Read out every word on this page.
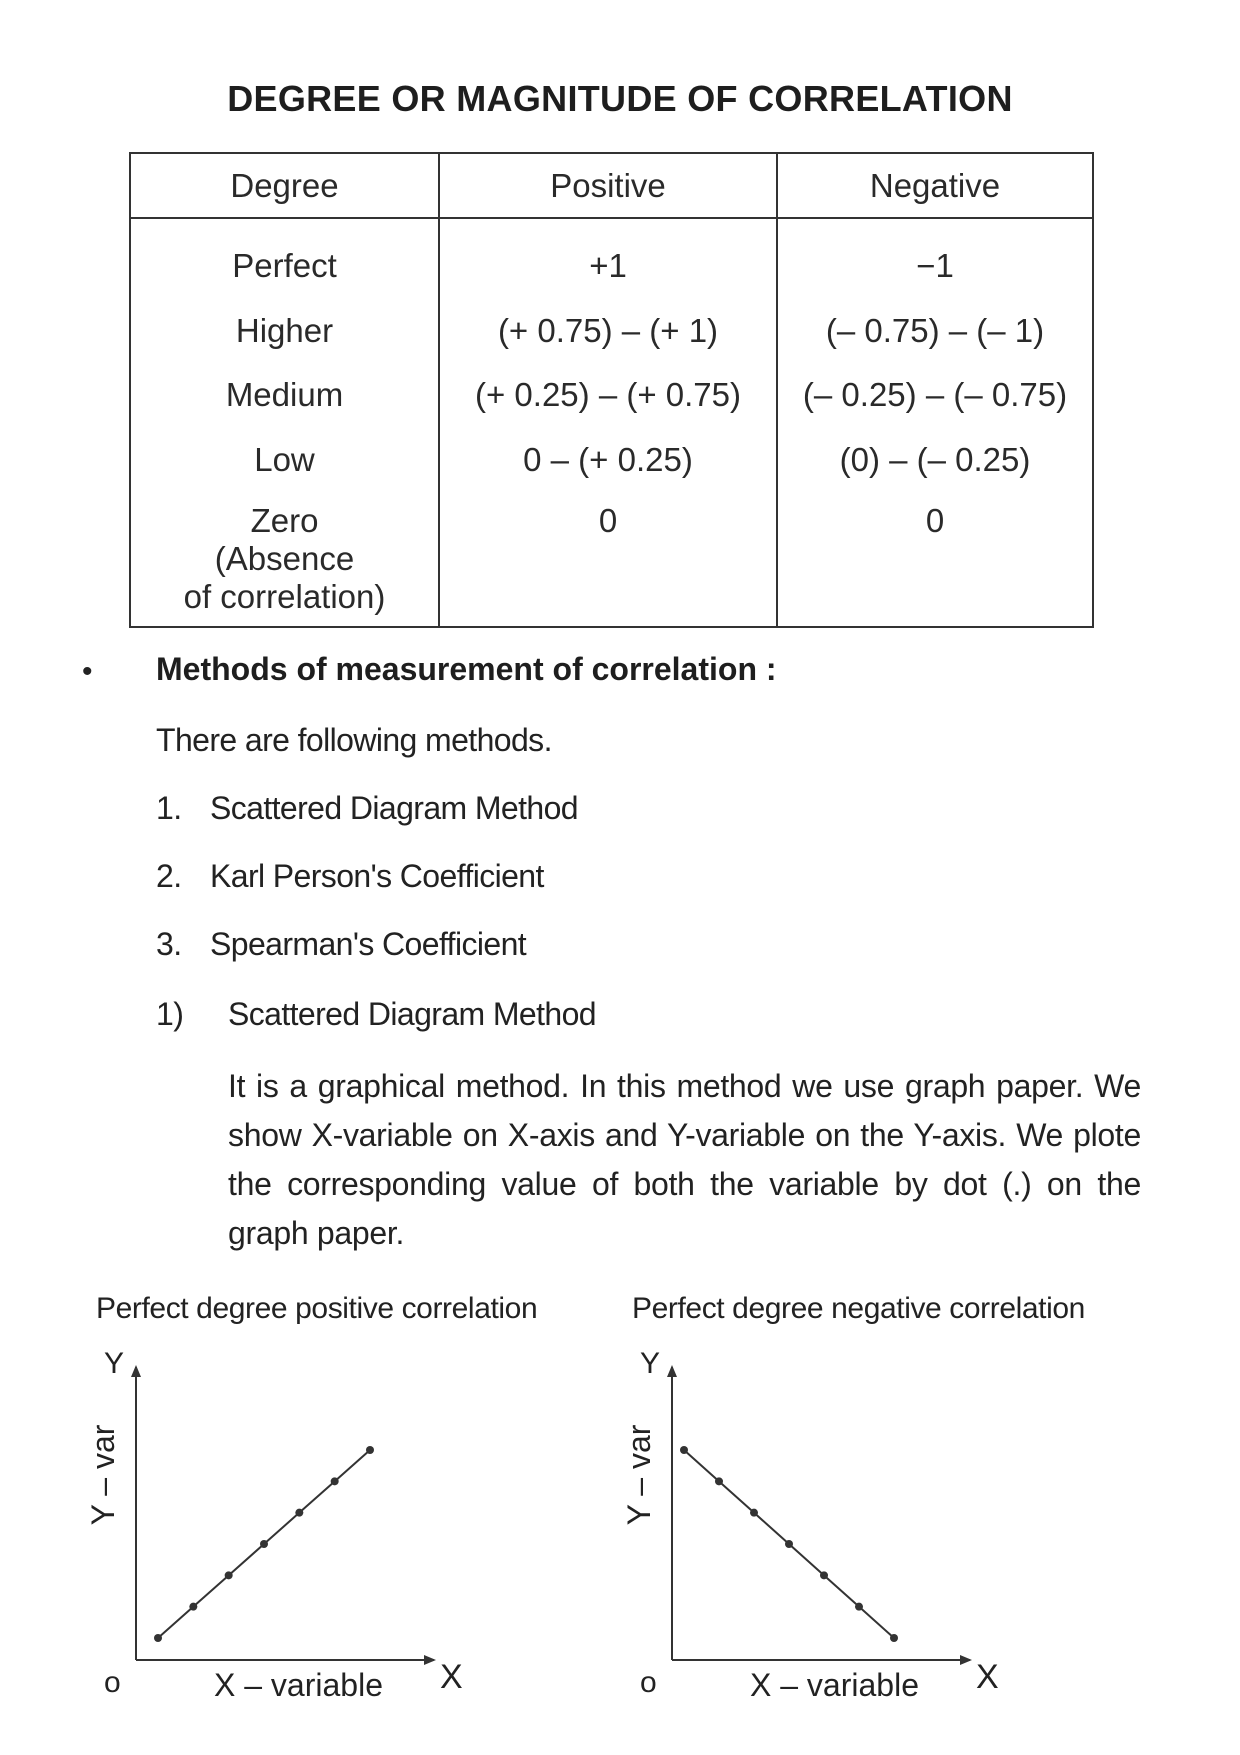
DEGREE OR MAGNITUDE OF CORRELATION
Degree	Positive	Negative
Perfect	+1	−1
Higher	(+ 0.75) – (+ 1)	(– 0.75) – (– 1)
Medium	(+ 0.25) – (+ 0.75)	(– 0.25) – (– 0.75)
Low	0 – (+ 0.25)	(0) – (– 0.25)

Zero
(Absence
of correlation)	0	0
• Methods of measurement of correlation :
There are following methods.
1. Scattered Diagram Method
2. Karl Person's Coefficient
3. Spearman's Coefficient
1) Scattered Diagram Method
It is a graphical method. In this method we use graph paper. We show X-variable on X-axis and Y-variable on the Y-axis. We plote the corresponding value of both the variable by dot (.) on the graph paper.
Perfect degree positive correlation	Perfect degree negative correlation
Y
X
o	X – variable
Y – var
Y
X
o	X – variable
Y – var
